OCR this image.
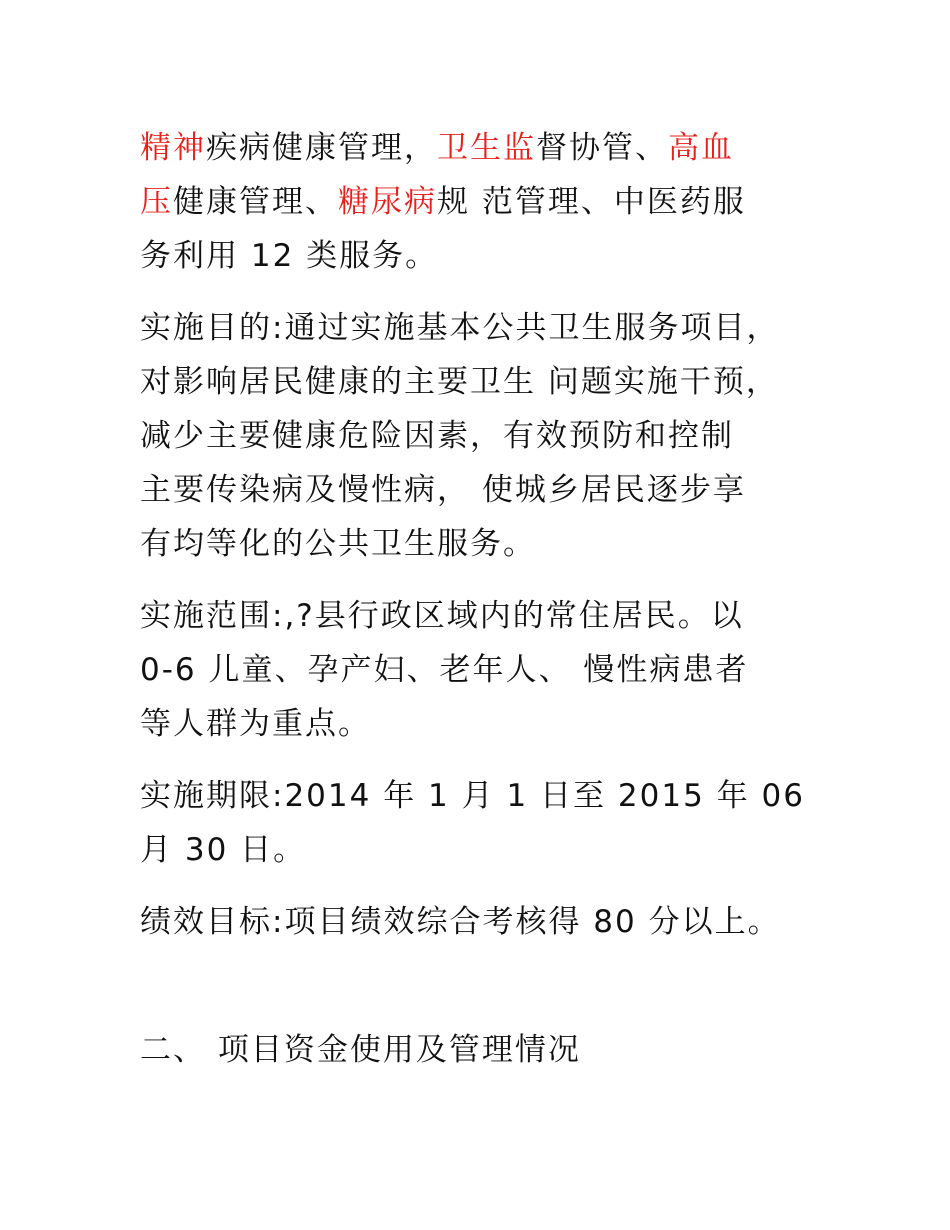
精神疾病健康管理，卫生监督协管、高血
压健康管理、糖尿病规 范管理、中医药服
务利用 12 类服务。
实施目的:通过实施基本公共卫生服务项目，
对影响居民健康的主要卫生 问题实施干预，
减少主要健康危险因素，有效预防和控制
主要传染病及慢性病， 使城乡居民逐步享
有均等化的公共卫生服务。
实施范围:,?县行政区域内的常住居民。以
0-6 儿童、孕产妇、老年人、 慢性病患者
等人群为重点。
实施期限:2014 年 1 月 1 日至 2015 年 06
月 30 日。
绩效目标:项目绩效综合考核得 80 分以上。
二、 项目资金使用及管理情况
